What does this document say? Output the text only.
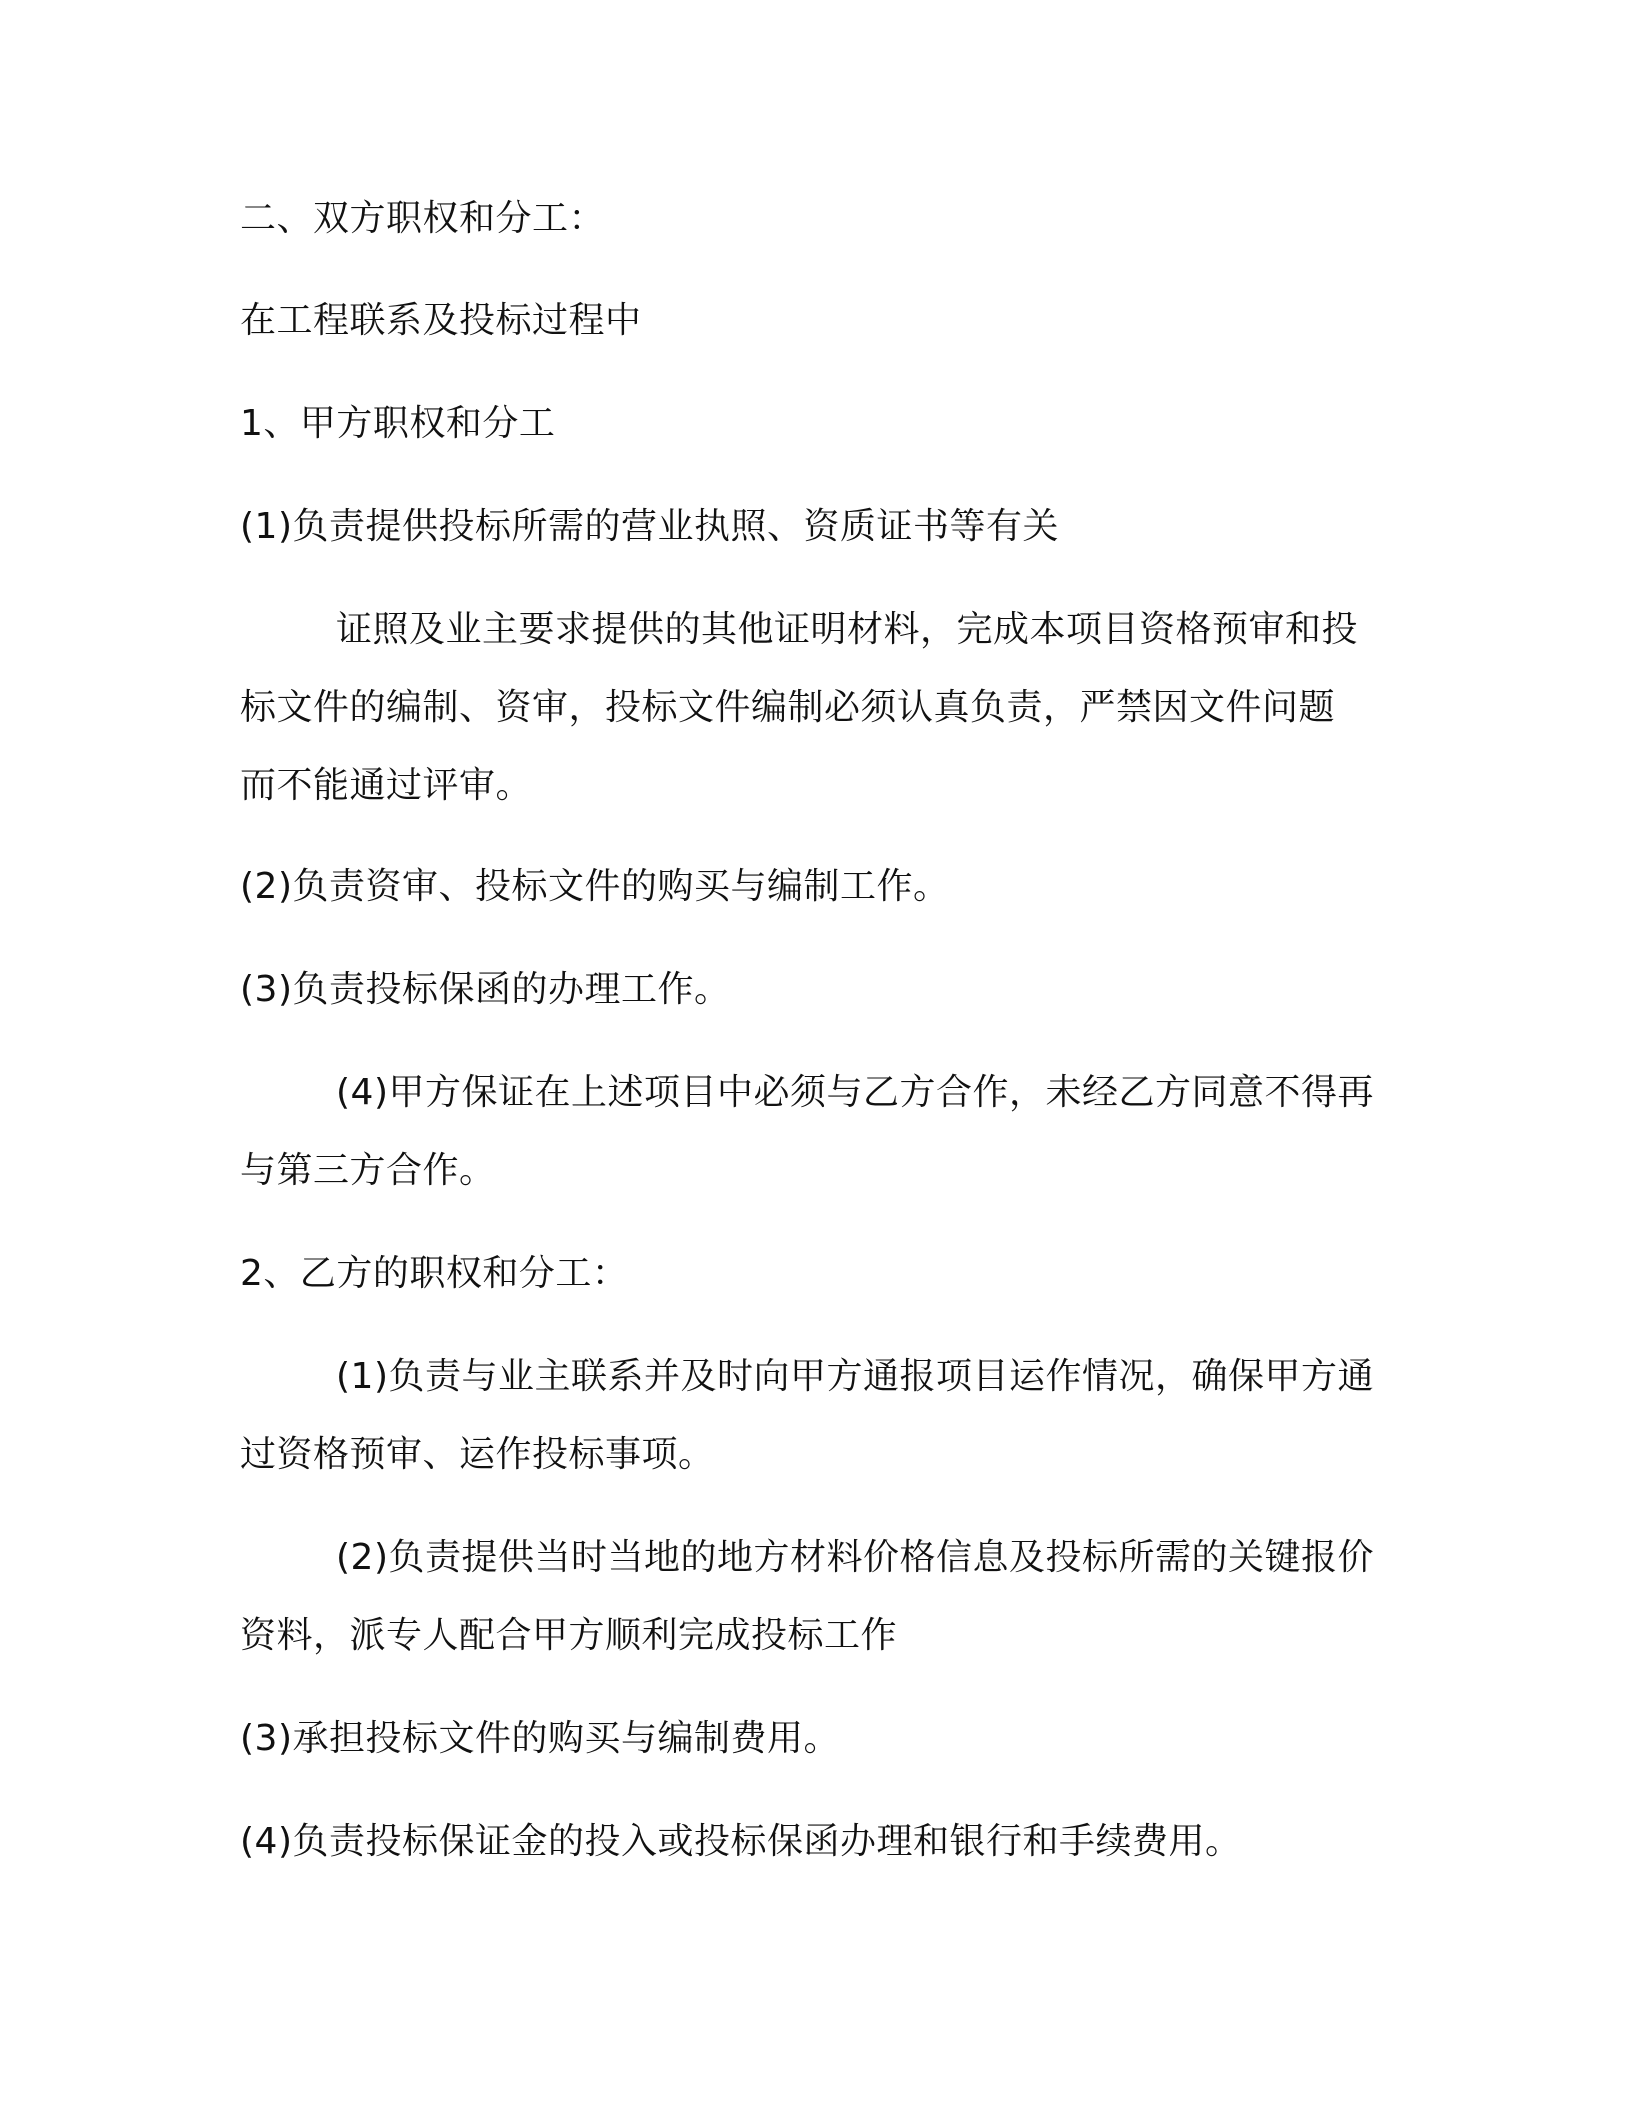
二、双方职权和分工：
在工程联系及投标过程中
1、甲方职权和分工
(1)负责提供投标所需的营业执照、资质证书等有关
证照及业主要求提供的其他证明材料，完成本项目资格预审和投
标文件的编制、资审，投标文件编制必须认真负责，严禁因文件问题
而不能通过评审。
(2)负责资审、投标文件的购买与编制工作。
(3)负责投标保函的办理工作。
(4)甲方保证在上述项目中必须与乙方合作，未经乙方同意不得再
与第三方合作。
2、乙方的职权和分工：
(1)负责与业主联系并及时向甲方通报项目运作情况，确保甲方通
过资格预审、运作投标事项。
(2)负责提供当时当地的地方材料价格信息及投标所需的关键报价
资料，派专人配合甲方顺利完成投标工作
(3)承担投标文件的购买与编制费用。
(4)负责投标保证金的投入或投标保函办理和银行和手续费用。
